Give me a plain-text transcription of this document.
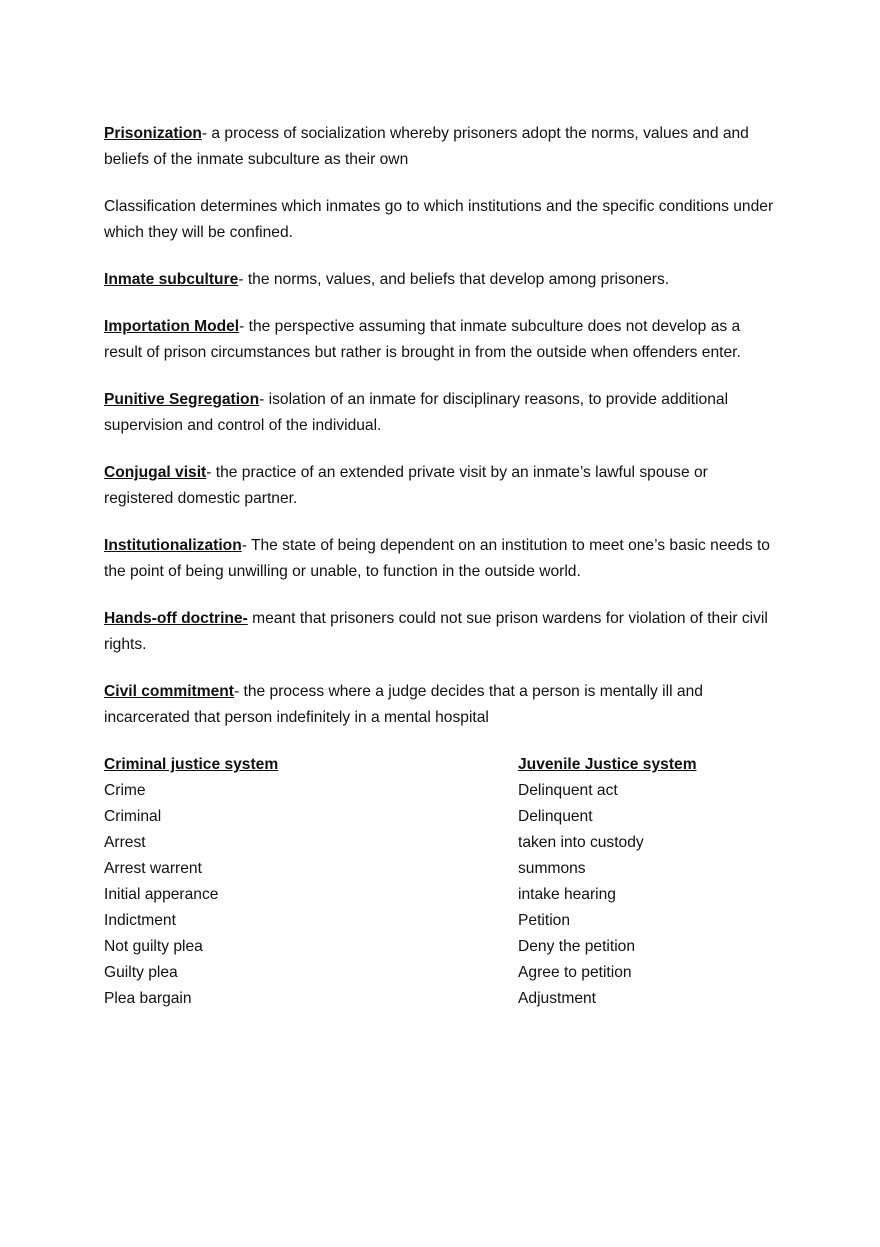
Prisonization- a process of socialization whereby prisoners adopt the norms, values and and beliefs of the inmate subculture as their own

Classification determines which inmates go to which institutions and the specific conditions under which they will be confined.

Inmate subculture- the norms, values, and beliefs that develop among prisoners.

Importation Model- the perspective assuming that inmate subculture does not develop as a result of prison circumstances but rather is brought in from the outside when offenders enter.

Punitive Segregation- isolation of an inmate for disciplinary reasons, to provide additional supervision and control of the individual.

Conjugal visit- the practice of an extended private visit by an inmate’s lawful spouse or registered domestic partner.

Institutionalization- The state of being dependent on an institution to meet one’s basic needs to the point of being unwilling or unable, to function in the outside world.

Hands-off doctrine- meant that prisoners could not sue prison wardens for violation of their civil rights.

Civil commitment- the process where a judge decides that a person is mentally ill and incarcerated that person indefinitely in a mental hospital

Criminal justice system
Crime
Criminal
Arrest
Arrest warrent
Initial apperance
Indictment
Not guilty plea
Guilty plea
Plea bargain
Juvenile Justice system
Delinquent act
Delinquent
taken into custody
summons
intake hearing
Petition
Deny the petition
Agree to petition
Adjustment
